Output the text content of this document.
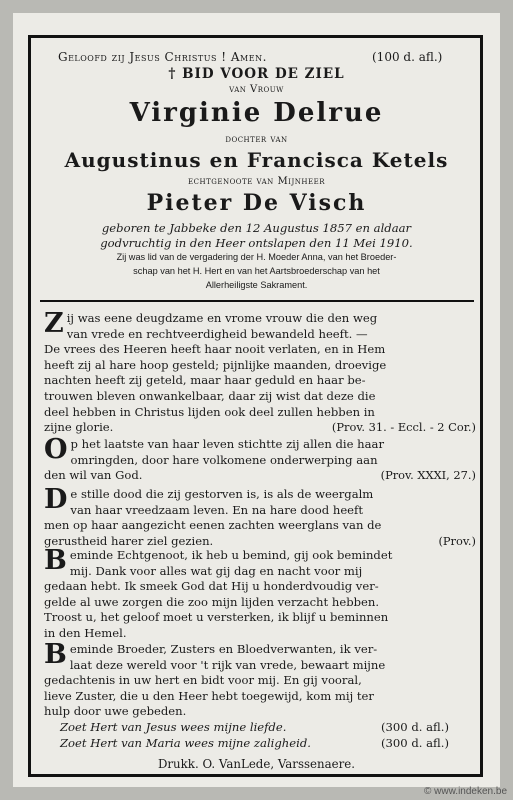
Geloofd zij Jesus Christus ! Amen.	(100 d. afl.)
† BID VOOR DE ZIEL
van Vrouw
Virginie Delrue
dochter van
Augustinus en Francisca Ketels
echtgenoote van Mijnheer
Pieter De Visch
geboren te Jabbeke den 12 Augustus 1857 en aldaar
godvruchtig in den Heer ontslapen den 11 Mei 1910.
Zij was lid van de vergadering der H. Moeder Anna, van het Broeder-
schap van het H. Hert en van het Aartsbroederschap van het
Allerheiligste Sakrament.
Z ij was eene deugdzame en vrome vrouw die den weg
van vrede en rechtveerdigheid bewandeld heeft. —
De vrees des Heeren heeft haar nooit verlaten, en in Hem
heeft zij al hare hoop gesteld; pijnlijke maanden, droevige
nachten heeft zij geteld, maar haar geduld en haar be-
trouwen bleven onwankelbaar, daar zij wist dat deze die
deel hebben in Christus lijden ook deel zullen hebben in
zijne glorie.	(Prov. 31. - Eccl. - 2 Cor.)
O p het laatste van haar leven stichtte zij allen die haar
omringden, door hare volkomene onderwerping aan
den wil van God.	(Prov. XXXI, 27.)
D e stille dood die zij gestorven is, is als de weergalm
van haar vreedzaam leven. En na hare dood heeft
men op haar aangezicht eenen zachten weerglans van de
gerustheid harer ziel gezien.	(Prov.)
B eminde Echtgenoot, ik heb u bemind, gij ook bemindet
mij. Dank voor alles wat gij dag en nacht voor mij
gedaan hebt. Ik smeek God dat Hij u honderdvoudig ver-
gelde al uwe zorgen die zoo mijn lijden verzacht hebben.
Troost u, het geloof moet u versterken, ik blijf u beminnen
in den Hemel.
B eminde Broeder, Zusters en Bloedverwanten, ik ver-
laat deze wereld voor 't rijk van vrede, bewaart mijne
gedachtenis in uw hert en bidt voor mij. En gij vooral,
lieve Zuster, die u den Heer hebt toegewijd, kom mij ter
hulp door uwe gebeden.
Zoet Hert van Jesus wees mijne liefde.	(300 d. afl.)
Zoet Hert van Maria wees mijne zaligheid.	(300 d. afl.)
Drukk. O. VanLede, Varssenaere.
© www.indeken.be
